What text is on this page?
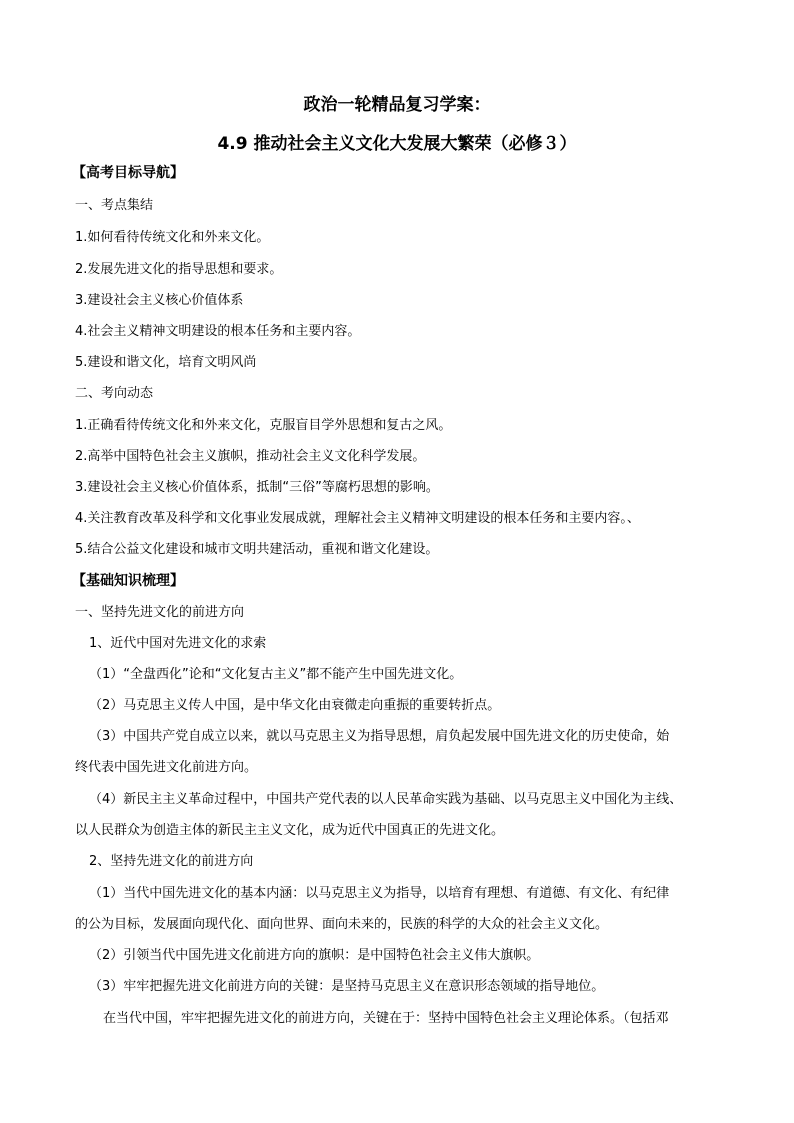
政治一轮精品复习学案：
4.9 推动社会主义文化大发展大繁荣（必修３）
【高考目标导航】
一、考点集结
1.如何看待传统文化和外来文化。
2.发展先进文化的指导思想和要求。
3.建设社会主义核心价值体系
4.社会主义精神文明建设的根本任务和主要内容。
5.建设和谐文化，培育文明风尚
二、考向动态
1.正确看待传统文化和外来文化，克服盲目学外思想和复古之风。
2.高举中国特色社会主义旗帜，推动社会主义文化科学发展。
3.建设社会主义核心价值体系，抵制“三俗”等腐朽思想的影响。
4.关注教育改革及科学和文化事业发展成就，理解社会主义精神文明建设的根本任务和主要内容。、
5.结合公益文化建设和城市文明共建活动，重视和谐文化建设。
【基础知识梳理】
一、坚持先进文化的前进方向
1、近代中国对先进文化的求索
（1）“全盘西化”论和“文化复古主义”都不能产生中国先进文化。
（2）马克思主义传人中国，是中华文化由衰微走向重振的重要转折点。
（3）中国共产党自成立以来，就以马克思主义为指导思想，肩负起发展中国先进文化的历史使命，始
终代表中国先进文化前进方向。
（4）新民主主义革命过程中，中国共产党代表的以人民革命实践为基础、以马克思主义中国化为主线、
以人民群众为创造主体的新民主主义文化，成为近代中国真正的先进文化。
2、坚持先进文化的前进方向
（1）当代中国先进文化的基本内涵：以马克思主义为指导，以培育有理想、有道德、有文化、有纪律
的公为目标，发展面向现代化、面向世界、面向未来的，民族的科学的大众的社会主义文化。
（2）引领当代中国先进文化前进方向的旗帜：是中国特色社会主义伟大旗帜。
（3）牢牢把握先进文化前进方向的关键：是坚持马克思主义在意识形态领域的指导地位。
在当代中国，牢牢把握先进文化的前进方向，关键在于：坚持中国特色社会主义理论体系。（包括邓
